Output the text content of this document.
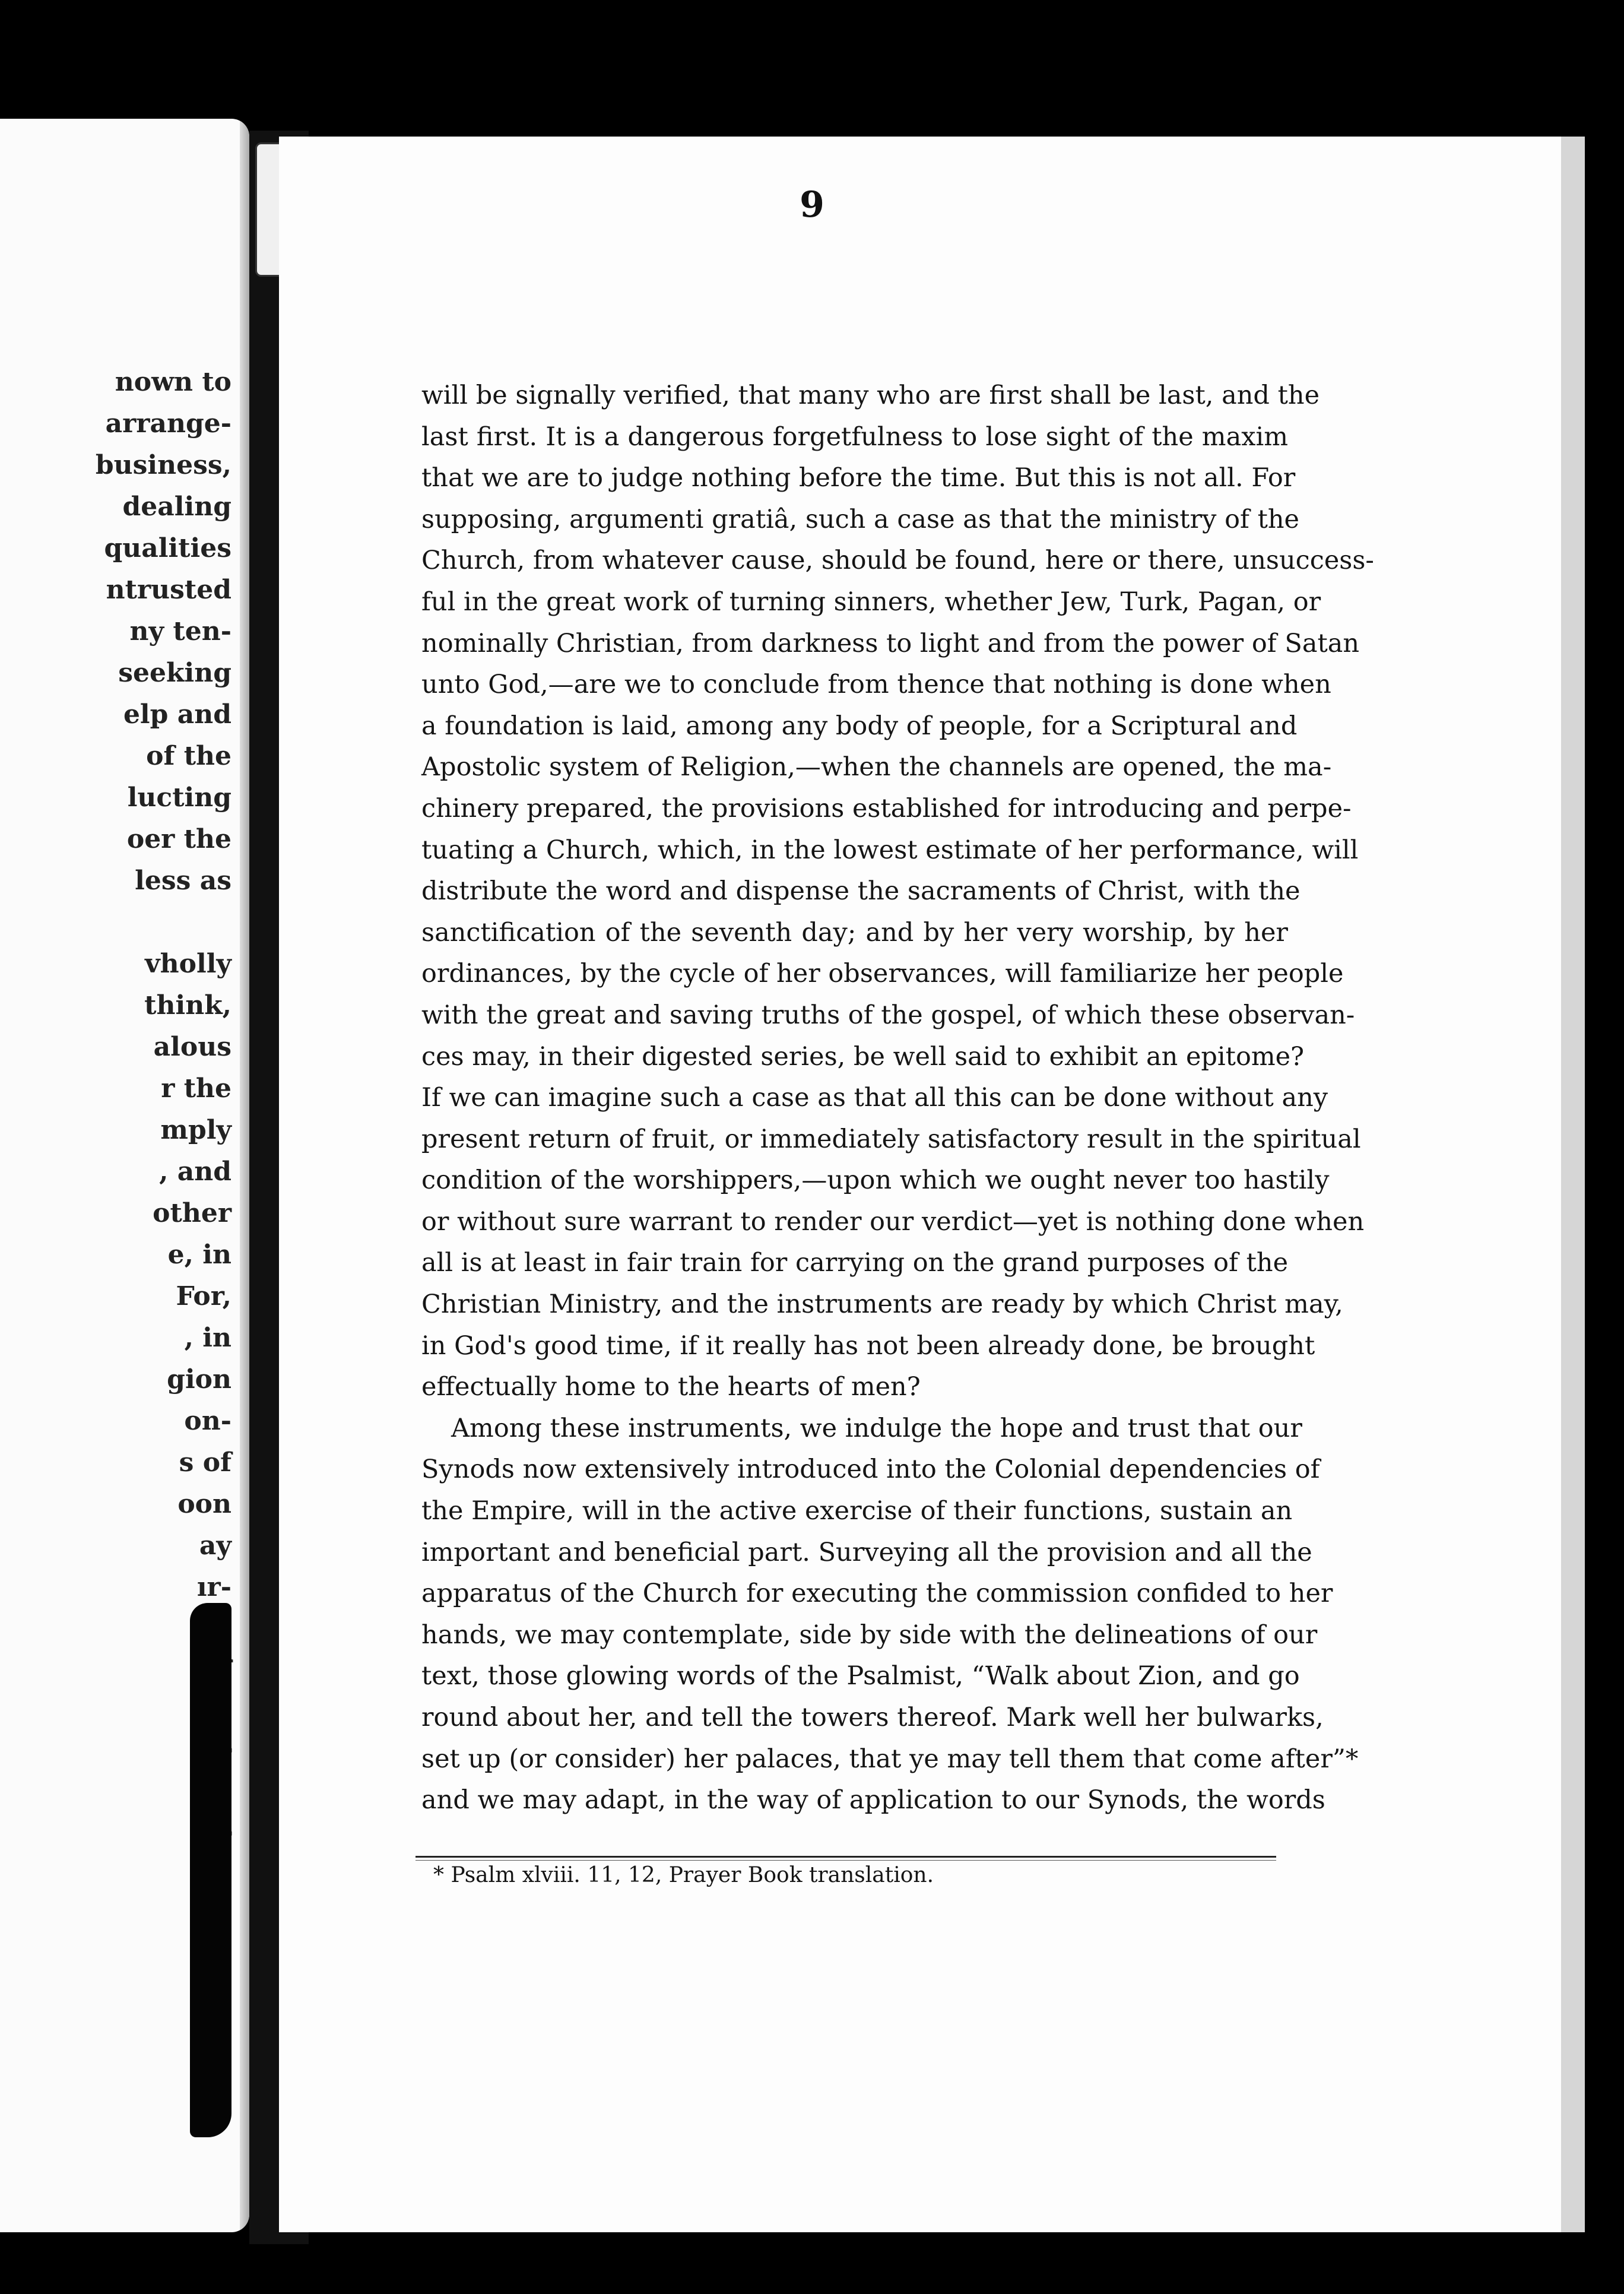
nown to
arrange-
business,
dealing
qualities
ntrusted
ny ten-
seeking
elp and
of the
lucting
oer the
less as
vholly
think,
alous
r the
mply
, and
other
e, in
For,
, in
gion
on-
s of
oon
ay
ır-
9
will be signally verified, that many who are first shall be last, and the
last first. It is a dangerous forgetfulness to lose sight of the maxim
that we are to judge nothing before the time. But this is not all. For
supposing, argumenti gratiâ, such a case as that the ministry of the
Church, from whatever cause, should be found, here or there, unsuccess-
ful in the great work of turning sinners, whether Jew, Turk, Pagan, or
nominally Christian, from darkness to light and from the power of Satan
unto God,—are we to conclude from thence that nothing is done when
a foundation is laid, among any body of people, for a Scriptural and
Apostolic system of Religion,—when the channels are opened, the ma-
chinery prepared, the provisions established for introducing and perpe-
tuating a Church, which, in the lowest estimate of her performance, will
distribute the word and dispense the sacraments of Christ, with the
sanctification of the seventh day; and by her very worship, by her
ordinances, by the cycle of her observances, will familiarize her people
with the great and saving truths of the gospel, of which these observan-
ces may, in their digested series, be well said to exhibit an epitome?
If we can imagine such a case as that all this can be done without any
present return of fruit, or immediately satisfactory result in the spiritual
condition of the worshippers,—upon which we ought never too hastily
or without sure warrant to render our verdict—yet is nothing done when
all is at least in fair train for carrying on the grand purposes of the
Christian Ministry, and the instruments are ready by which Christ may,
in God's good time, if it really has not been already done, be brought
effectually home to the hearts of men?
Among these instruments, we indulge the hope and trust that our
Synods now extensively introduced into the Colonial dependencies of
the Empire, will in the active exercise of their functions, sustain an
important and beneficial part. Surveying all the provision and all the
apparatus of the Church for executing the commission confided to her
hands, we may contemplate, side by side with the delineations of our
text, those glowing words of the Psalmist, “Walk about Zion, and go
round about her, and tell the towers thereof. Mark well her bulwarks,
set up (or consider) her palaces, that ye may tell them that come after”*
and we may adapt, in the way of application to our Synods, the words
* Psalm xlviii. 11, 12, Prayer Book translation.
